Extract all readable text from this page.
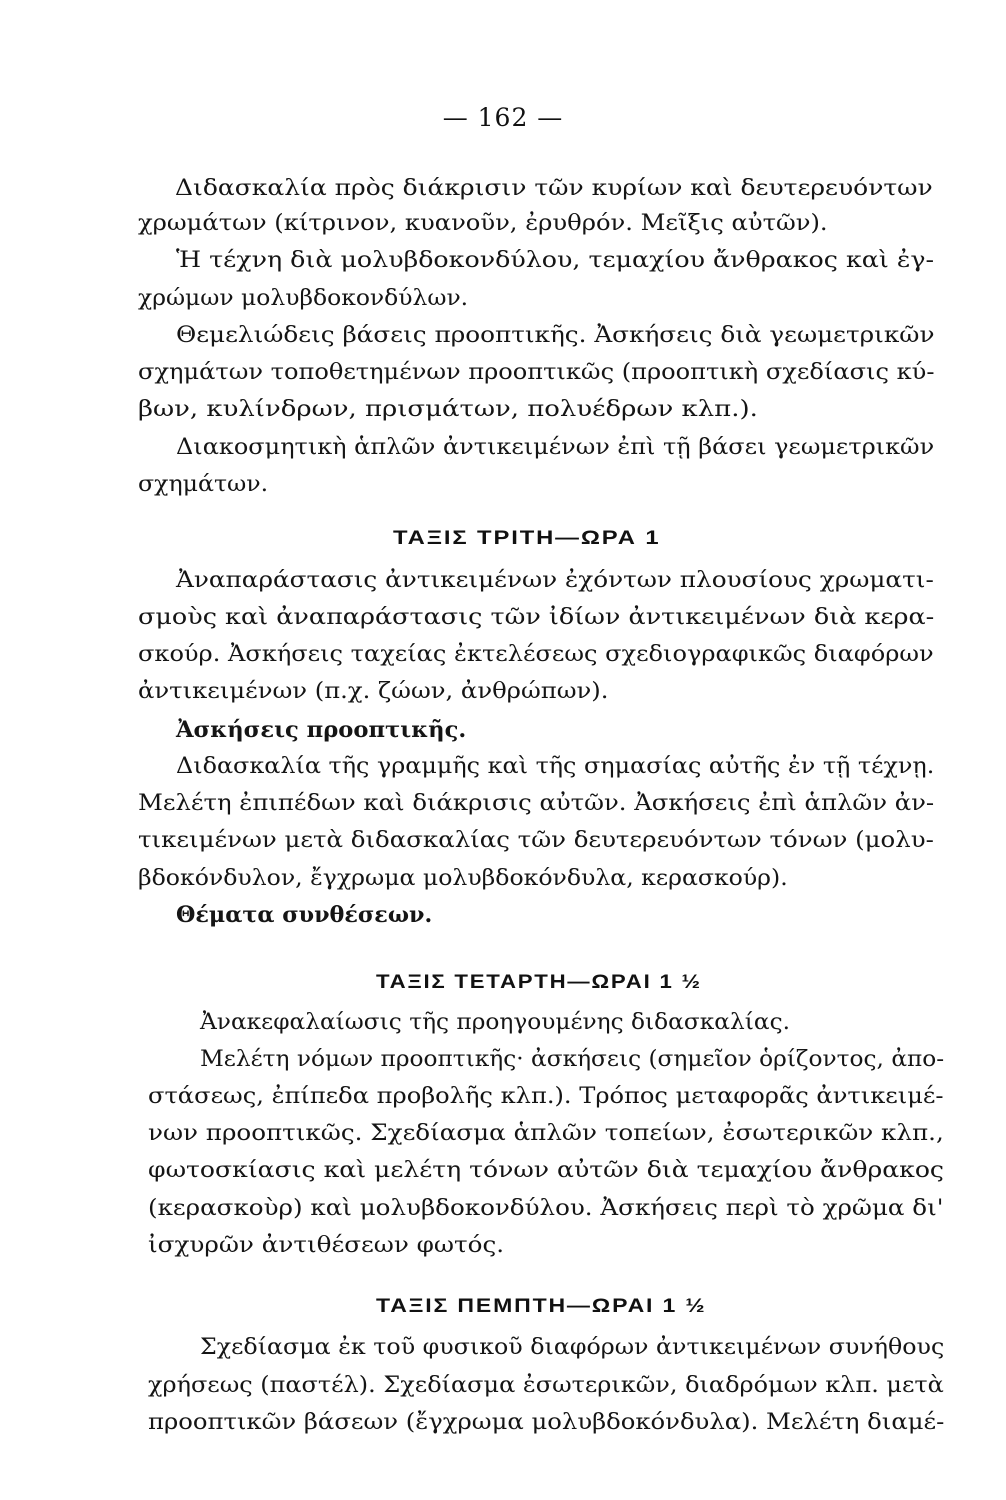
— 162 —
Διδασκαλία πρὸς διάκρισιν τῶν κυρίων καὶ δευτερευόντων
χρωμάτων (κίτρινον, κυανοῦν, ἐρυθρόν. Μεῖξις αὐτῶν).
Ἡ τέχνη διὰ μολυβδοκονδύλου, τεμαχίου ἄνθρακος καὶ ἐγ-
χρώμων μολυβδοκονδύλων.
Θεμελιώδεις βάσεις προοπτικῆς. Ἀσκήσεις διὰ γεωμετρικῶν
σχημάτων τοποθετημένων προοπτικῶς (προοπτικὴ σχεδίασις κύ-
βων, κυλίνδρων, πρισμάτων, πολυέδρων κλπ.).
Διακοσμητικὴ ἁπλῶν ἀντικειμένων ἐπὶ τῇ βάσει γεωμετρικῶν
σχημάτων.
ΤΑΞΙΣ ΤΡΙΤΗ—ΩΡΑ 1
Ἀναπαράστασις ἀντικειμένων ἐχόντων πλουσίους χρωματι-
σμοὺς καὶ ἀναπαράστασις τῶν ἰδίων ἀντικειμένων διὰ κερα-
σκούρ. Ἀσκήσεις ταχείας ἐκτελέσεως σχεδιογραφικῶς διαφόρων
ἀντικειμένων (π.χ. ζώων, ἀνθρώπων).
Ἀσκήσεις προοπτικῆς.
Διδασκαλία τῆς γραμμῆς καὶ τῆς σημασίας αὐτῆς ἐν τῇ τέχνῃ.
Μελέτη ἐπιπέδων καὶ διάκρισις αὐτῶν. Ἀσκήσεις ἐπὶ ἁπλῶν ἀν-
τικειμένων μετὰ διδασκαλίας τῶν δευτερευόντων τόνων (μολυ-
βδοκόνδυλον, ἔγχρωμα μολυβδοκόνδυλα, κερασκούρ).
Θέματα συνθέσεων.
ΤΑΞΙΣ ΤΕΤΑΡΤΗ—ΩΡΑΙ 1 ½
Ἀνακεφαλαίωσις τῆς προηγουμένης διδασκαλίας.
Μελέτη νόμων προοπτικῆς· ἀσκήσεις (σημεῖον ὁρίζοντος, ἀπο-
στάσεως, ἐπίπεδα προβολῆς κλπ.). Τρόπος μεταφορᾶς ἀντικειμέ-
νων προοπτικῶς. Σχεδίασμα ἁπλῶν τοπείων, ἐσωτερικῶν κλπ.,
φωτοσκίασις καὶ μελέτη τόνων αὐτῶν διὰ τεμαχίου ἄνθρακος
(κερασκοὺρ) καὶ μολυβδοκονδύλου. Ἀσκήσεις περὶ τὸ χρῶμα δι'
ἰσχυρῶν ἀντιθέσεων φωτός.
ΤΑΞΙΣ ΠΕΜΠΤΗ—ΩΡΑΙ 1 ½
Σχεδίασμα ἐκ τοῦ φυσικοῦ διαφόρων ἀντικειμένων συνήθους
χρήσεως (παστέλ). Σχεδίασμα ἐσωτερικῶν, διαδρόμων κλπ. μετὰ
προοπτικῶν βάσεων (ἔγχρωμα μολυβδοκόνδυλα). Μελέτη διαμέ-
